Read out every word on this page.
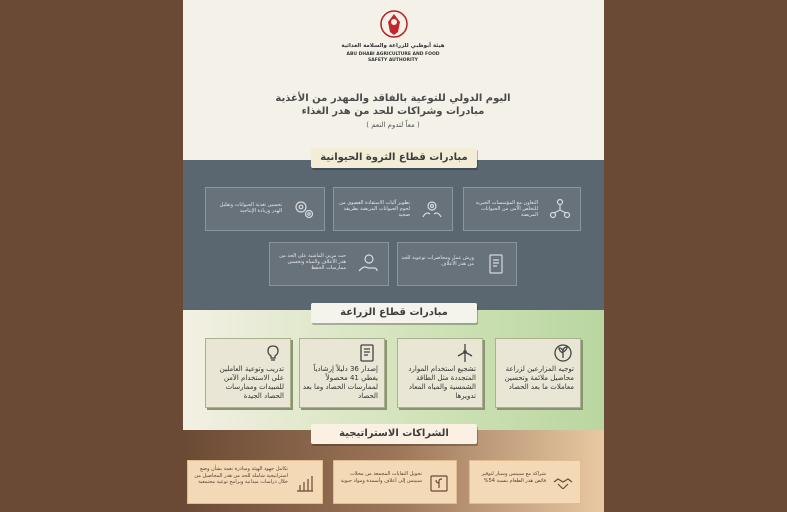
هيئة أبوظبي للزراعة والسلامة الغذائية
ABU DHABI AGRICULTURE AND FOOD
SAFETY AUTHORITY
اليوم الدولي للتوعية بالفاقد والمهدر من الأغذية
مبادرات وشراكات للحد من هدر الغذاء
( معاً لتدوم النعم )
التعاون مع المؤسسات الخيرية للتخلص الآمن من الحيوانات المريضة
تطوير آليات الاستفادة القصوى من لحوم الحيوانات المريضة بطريقة صحية
تحسين تغذية الحيوانات وتقليل الهدر وزيادة الإنتاجية
ورش عمل ومحاضرات توعوية للحد من هدر الأعلاف
حث مربي الماشية على الحد من هدر الأعلاف والمياه وتحسين ممارسات الحفظ
توجيه المزارعين لزراعة محاصيل ملائمة وتحسين معاملات ما بعد الحصاد
تشجيع استخدام الموارد المتجددة مثل الطاقة الشمسية والمياه المعاد تدويرها
إصدار 36 دليلاً إرشادياً يغطي 41 محصولاً لممارسات الحصاد وما بعد الحصاد
تدريب وتوعية العاملين على الاستخدام الآمن للمبيدات وممارسات الحصاد الجيدة
شراكة مع سبينس وسبار لتوفير فائض هدر الطعام بنسبة 54%
تحويل النفايات المجمعة من محلات سبينس إلى أعلاف وأسمدة ومواد حيوية
تكامل جهود الهيئة ومبادرة نعمة بشأن وضع استراتيجية شاملة للحد من هدر المحاصيل من خلال دراسات ميدانية وبرامج توعية مجتمعية
مبادرات قطاع الثروة الحيوانية
مبادرات قطاع الزراعة
الشراكات الاستراتيجية
